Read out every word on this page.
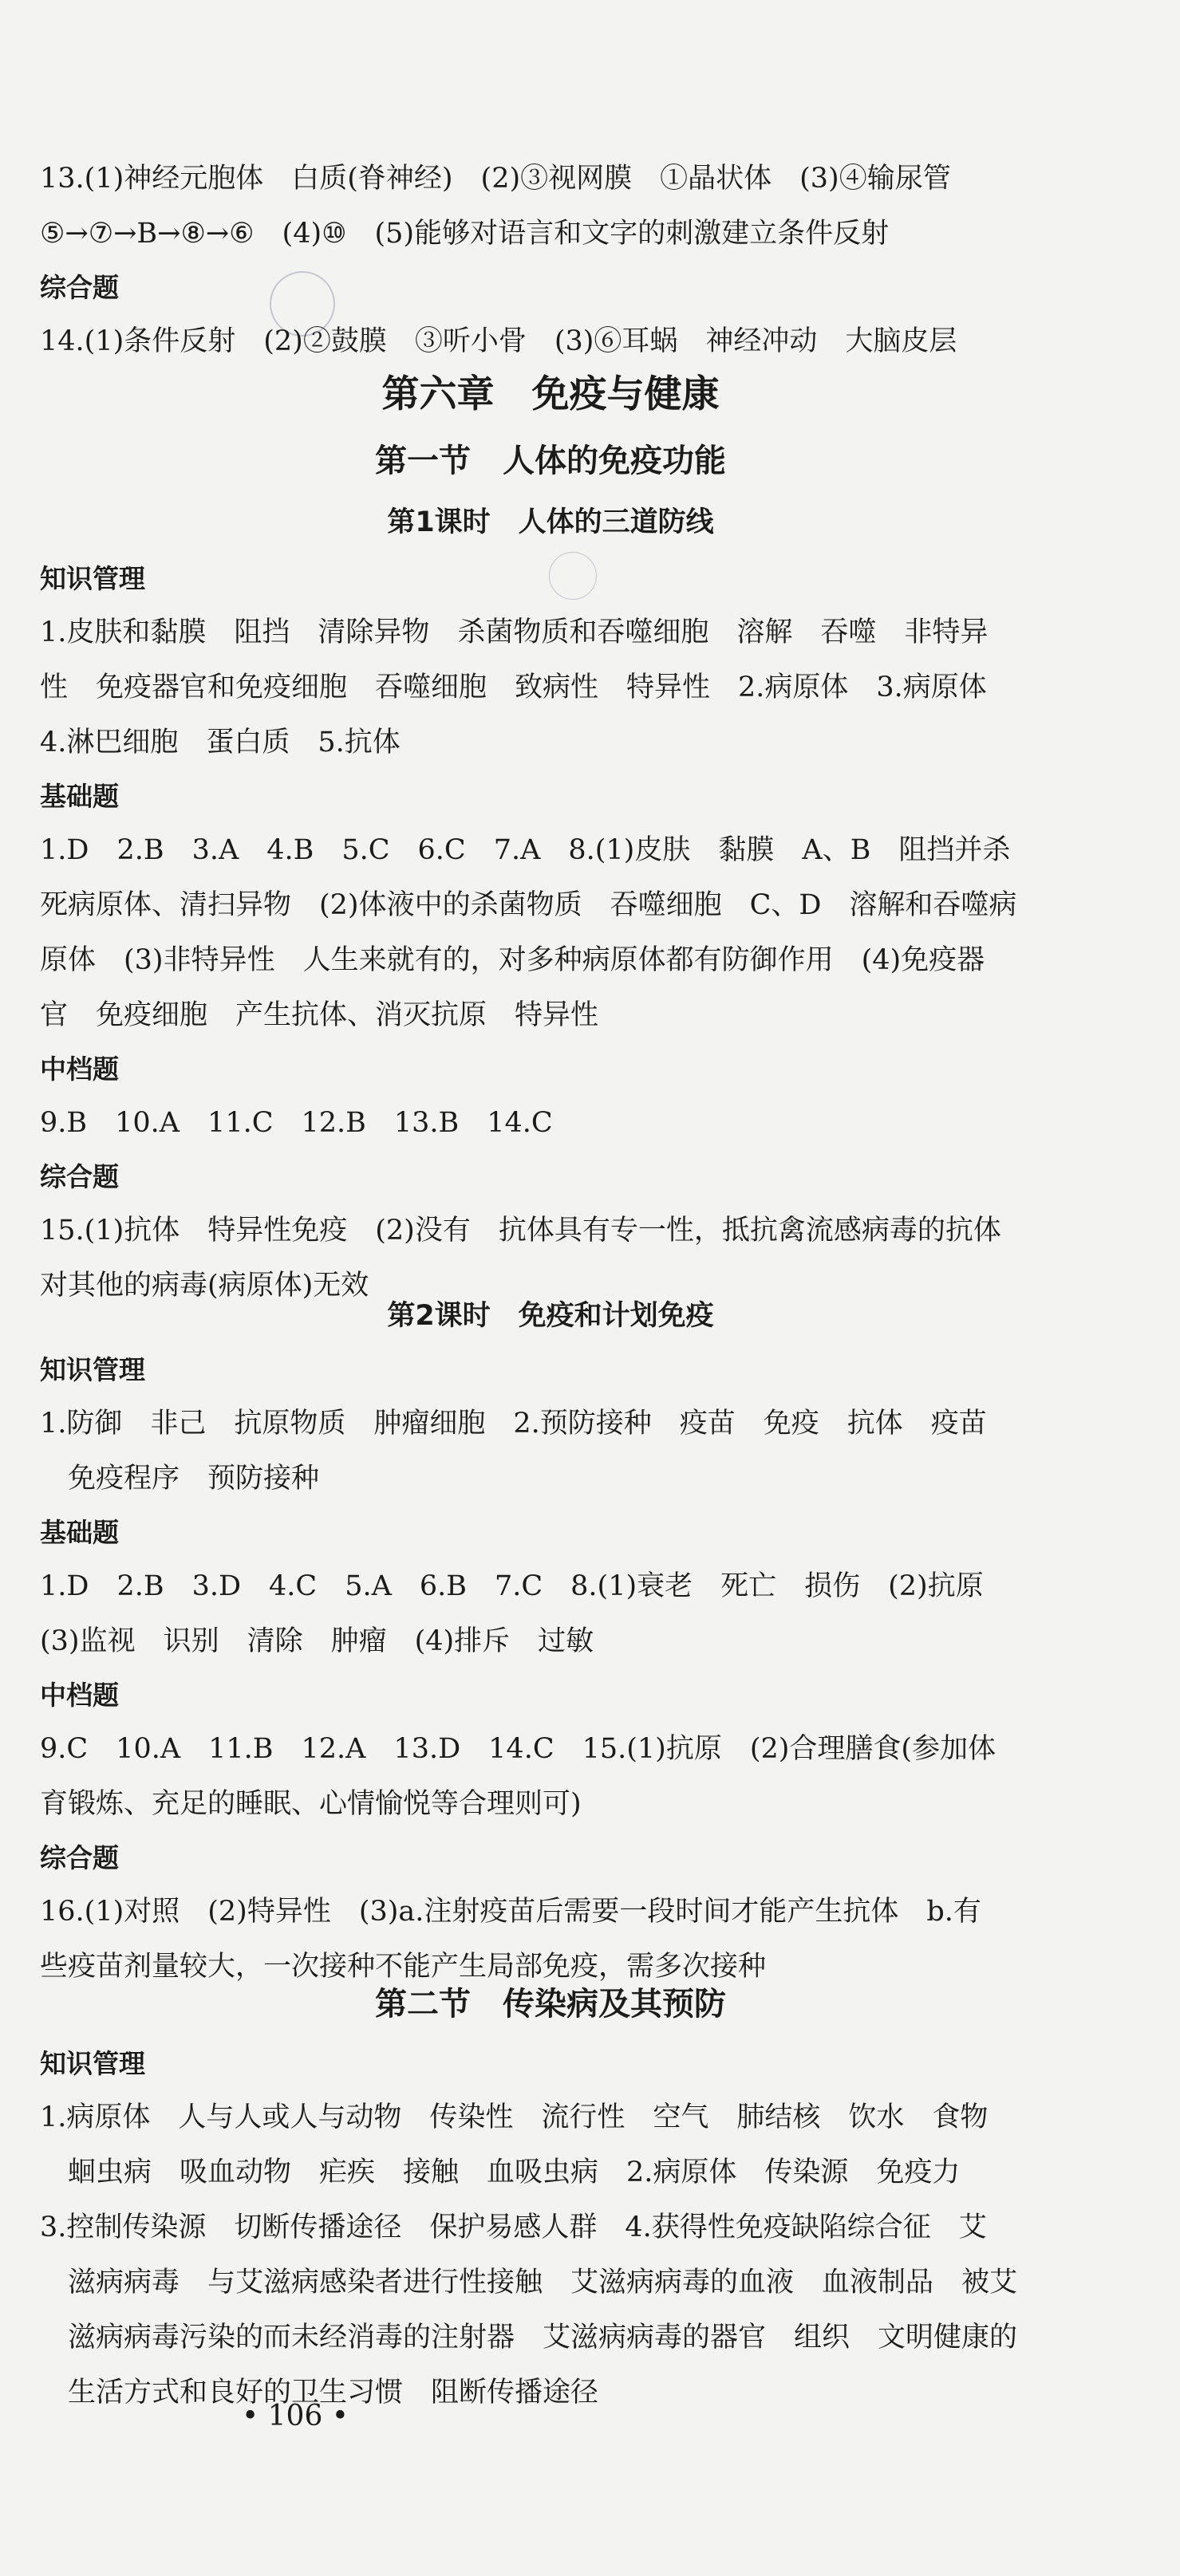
13.(1)神经元胞体　白质(脊神经)　(2)③视网膜　①晶状体　(3)④输尿管
⑤→⑦→B→⑧→⑥　(4)⑩　(5)能够对语言和文字的刺激建立条件反射
综合题
14.(1)条件反射　(2)②鼓膜　③听小骨　(3)⑥耳蜗　神经冲动　大脑皮层
第六章　免疫与健康
第一节　人体的免疫功能
第1课时　人体的三道防线
知识管理
1.皮肤和黏膜　阻挡　清除异物　杀菌物质和吞噬细胞　溶解　吞噬　非特异
性　免疫器官和免疫细胞　吞噬细胞　致病性　特异性　2.病原体　3.病原体
4.淋巴细胞　蛋白质　5.抗体
基础题
1.D　2.B　3.A　4.B　5.C　6.C　7.A　8.(1)皮肤　黏膜　A、B　阻挡并杀
死病原体、清扫异物　(2)体液中的杀菌物质　吞噬细胞　C、D　溶解和吞噬病
原体　(3)非特异性　人生来就有的，对多种病原体都有防御作用　(4)免疫器
官　免疫细胞　产生抗体、消灭抗原　特异性
中档题
9.B　10.A　11.C　12.B　13.B　14.C
综合题
15.(1)抗体　特异性免疫　(2)没有　抗体具有专一性，抵抗禽流感病毒的抗体
对其他的病毒(病原体)无效
第2课时　免疫和计划免疫
知识管理
1.防御　非己　抗原物质　肿瘤细胞　2.预防接种　疫苗　免疫　抗体　疫苗
　免疫程序　预防接种
基础题
1.D　2.B　3.D　4.C　5.A　6.B　7.C　8.(1)衰老　死亡　损伤　(2)抗原
(3)监视　识别　清除　肿瘤　(4)排斥　过敏
中档题
9.C　10.A　11.B　12.A　13.D　14.C　15.(1)抗原　(2)合理膳食(参加体
育锻炼、充足的睡眠、心情愉悦等合理则可)
综合题
16.(1)对照　(2)特异性　(3)a.注射疫苗后需要一段时间才能产生抗体　b.有
些疫苗剂量较大，一次接种不能产生局部免疫，需多次接种
第二节　传染病及其预防
知识管理
1.病原体　人与人或人与动物　传染性　流行性　空气　肺结核　饮水　食物
　蛔虫病　吸血动物　疟疾　接触　血吸虫病　2.病原体　传染源　免疫力
3.控制传染源　切断传播途径　保护易感人群　4.获得性免疫缺陷综合征　艾
　滋病病毒　与艾滋病感染者进行性接触　艾滋病病毒的血液　血液制品　被艾
　滋病病毒污染的而未经消毒的注射器　艾滋病病毒的器官　组织　文明健康的
　生活方式和良好的卫生习惯　阻断传播途径
• 106 •
